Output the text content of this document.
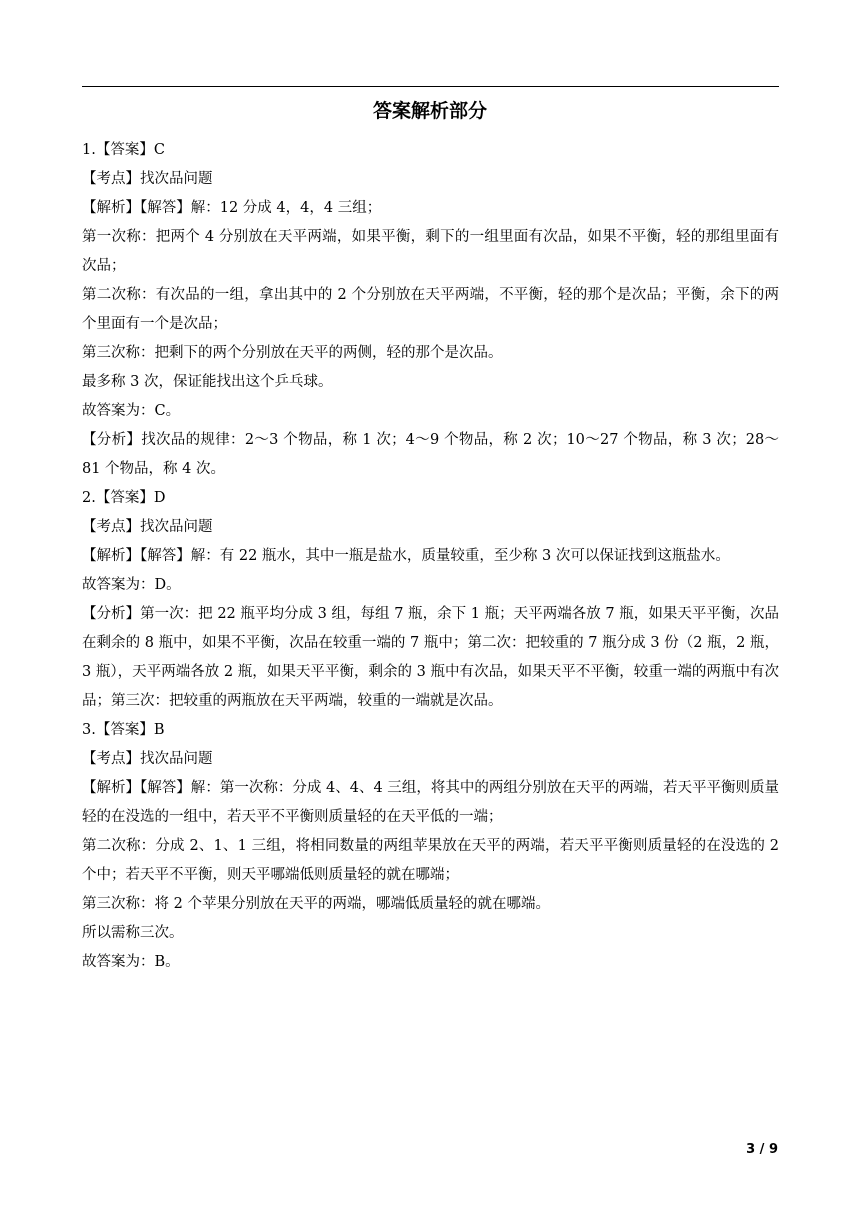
答案解析部分

1.【答案】C

【考点】找次品问题

【解析】【解答】解：12 分成 4，4，4 三组；

第一次称：把两个 4 分别放在天平两端，如果平衡，剩下的一组里面有次品，如果不平衡，轻的那组里面有次品；

第二次称：有次品的一组，拿出其中的 2 个分别放在天平两端，不平衡，轻的那个是次品；平衡，余下的两个里面有一个是次品；

第三次称：把剩下的两个分别放在天平的两侧，轻的那个是次品。

最多称 3 次，保证能找出这个乒乓球。

故答案为：C。

【分析】找次品的规律：2～3 个物品，称 1 次；4～9 个物品，称 2 次；10～27 个物品，称 3 次；28～81 个物品，称 4 次。

2.【答案】D

【考点】找次品问题

【解析】【解答】解：有 22 瓶水，其中一瓶是盐水，质量较重，至少称 3 次可以保证找到这瓶盐水。

故答案为：D。

【分析】第一次：把 22 瓶平均分成 3 组，每组 7 瓶，余下 1 瓶；天平两端各放 7 瓶，如果天平平衡，次品在剩余的 8 瓶中，如果不平衡，次品在较重一端的 7 瓶中；第二次：把较重的 7 瓶分成 3 份（2 瓶，2 瓶，3 瓶），天平两端各放 2 瓶，如果天平平衡，剩余的 3 瓶中有次品，如果天平不平衡，较重一端的两瓶中有次品；第三次：把较重的两瓶放在天平两端，较重的一端就是次品。

3.【答案】B

【考点】找次品问题

【解析】【解答】解：第一次称：分成 4、4、4 三组，将其中的两组分别放在天平的两端，若天平平衡则质量轻的在没选的一组中，若天平不平衡则质量轻的在天平低的一端；

第二次称：分成 2、1、1 三组，将相同数量的两组苹果放在天平的两端，若天平平衡则质量轻的在没选的 2 个中；若天平不平衡，则天平哪端低则质量轻的就在哪端；

第三次称：将 2 个苹果分别放在天平的两端，哪端低质量轻的就在哪端。

所以需称三次。

故答案为：B。

3 / 9
